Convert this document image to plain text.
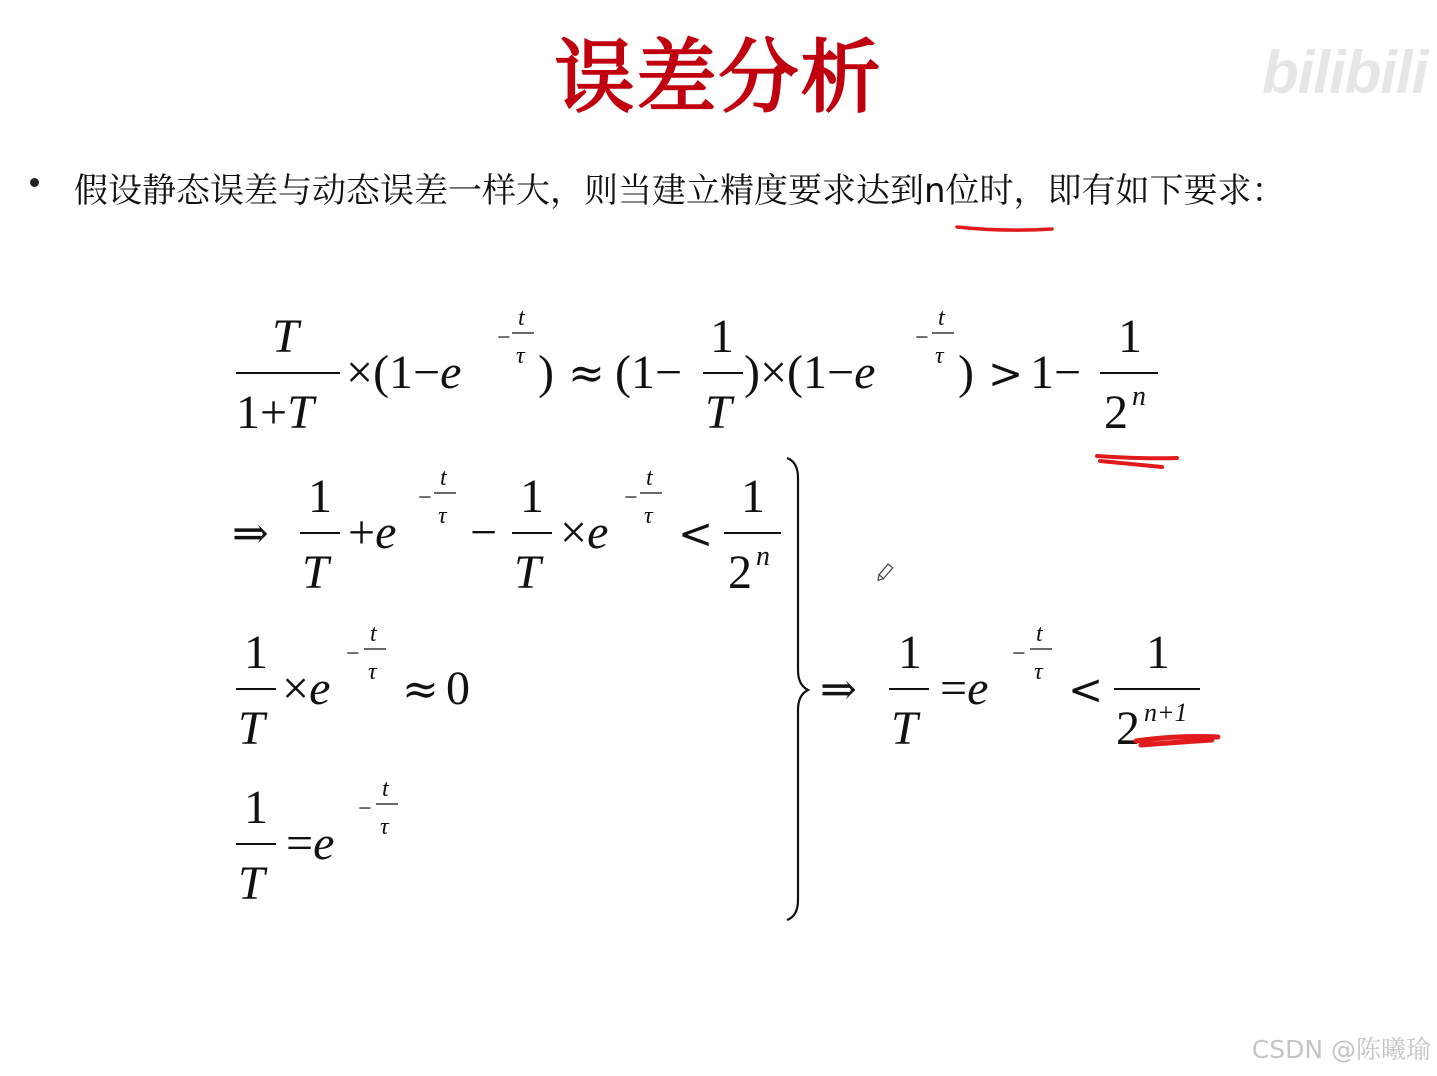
误差分析	bilibili
假设静态误差与动态误差一样大，则当建立精度要求达到n位时，即有如下要求：
T
1+T
×(1−e
−
t
τ ) ≈ (1−
1
T
)×(1−e
−
t
τ ) > 1−
1
2 n
⇒
1
T
+e
−
t
τ −
1
T
×e
−
t
τ <
1
2 n
1
T
×e
−
t
τ ≈ 0
1
T
=e
−
t
τ
⇒
1
T
=e
−
t
τ <
1
2 n+1
CSDN @陈曦瑜
